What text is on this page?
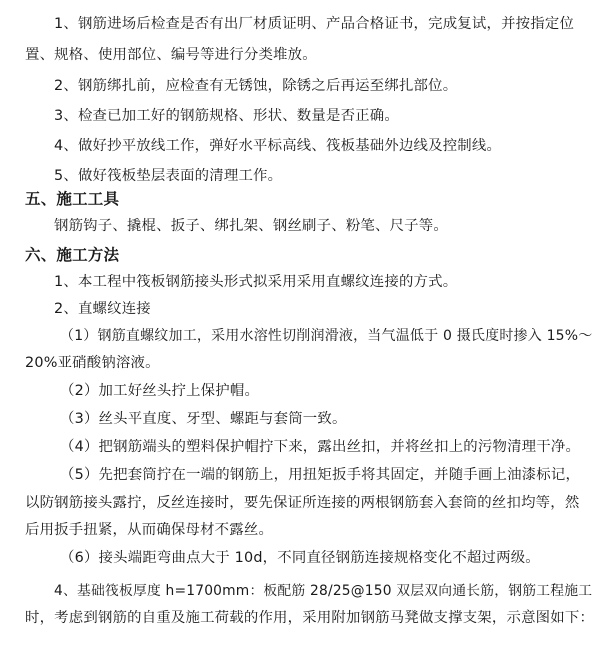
1、钢筋进场后检查是否有出厂材质证明、产品合格证书，完成复试，并按指定位
置、规格、使用部位、编号等进行分类堆放。
2、钢筋绑扎前，应检查有无锈蚀，除锈之后再运至绑扎部位。
3、检查已加工好的钢筋规格、形状、数量是否正确。
4、做好抄平放线工作，弹好水平标高线、筏板基础外边线及控制线。
5、做好筏板垫层表面的清理工作。
五、施工工具
钢筋钩子、撬棍、扳子、绑扎架、钢丝刷子、粉笔、尺子等。
六、施工方法
1、本工程中筏板钢筋接头形式拟采用采用直螺纹连接的方式。
2、直螺纹连接
（1）钢筋直螺纹加工，采用水溶性切削润滑液，当气温低于 0 摄氏度时掺入 15%～
20%亚硝酸钠溶液。
（2）加工好丝头拧上保护帽。
（3）丝头平直度、牙型、螺距与套筒一致。
（4）把钢筋端头的塑料保护帽拧下来，露出丝扣，并将丝扣上的污物清理干净。
（5）先把套筒拧在一端的钢筋上，用扭矩扳手将其固定，并随手画上油漆标记，
以防钢筋接头露拧，反丝连接时，要先保证所连接的两根钢筋套入套筒的丝扣均等，然
后用扳手扭紧，从而确保母材不露丝。
（6）接头端距弯曲点大于 10d，不同直径钢筋连接规格变化不超过两级。
4、基础筏板厚度 h=1700mm：板配筋 28/25@150 双层双向通长筋，钢筋工程施工
时，考虑到钢筋的自重及施工荷载的作用，采用附加钢筋马凳做支撑支架，示意图如下：
